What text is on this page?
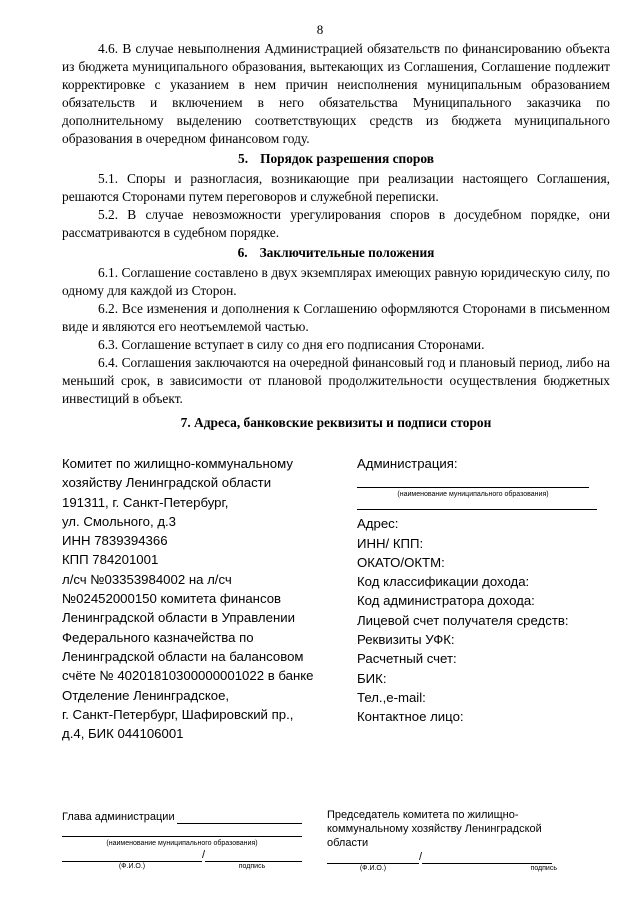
8

4.6. В случае невыполнения Администрацией обязательств по финансированию объекта из бюджета муниципального образования, вытекающих из Соглашения, Соглашение подлежит корректировке с указанием в нем причин неисполнения муниципальным образованием обязательств и включением в него обязательства Муниципального заказчика по дополнительному выделению соответствующих средств из бюджета муниципального образования в очередном финансовом году.

5. Порядок разрешения споров

5.1. Споры и разногласия, возникающие при реализации настоящего Соглашения, решаются Сторонами путем переговоров и служебной переписки.

5.2. В случае невозможности урегулирования споров в досудебном порядке, они рассматриваются в судебном порядке.

6. Заключительные положения

6.1. Соглашение составлено в двух экземплярах имеющих равную юридическую силу, по одному для каждой из Сторон.

6.2. Все изменения и дополнения к Соглашению оформляются Сторонами в письменном виде и являются его неотъемлемой частью.

6.3. Соглашение вступает в силу со дня его подписания Сторонами.

6.4. Соглашения заключаются на очередной финансовый год и плановый период, либо на меньший срок, в зависимости от плановой продолжительности осуществления бюджетных инвестиций в объект.

7. Адреса, банковские реквизиты и подписи сторон
Комитет по жилищно-коммунальному
хозяйству Ленинградской области
191311, г. Санкт-Петербург,
ул. Смольного, д.3
ИНН 7839394366
КПП 784201001
л/сч №03353984002 на л/сч
№02452000150 комитета финансов
Ленинградской области в Управлении
Федерального казначейства по
Ленинградской области на балансовом
счёте № 40201810300000001022 в банке
Отделение Ленинградское,
г. Санкт-Петербург, Шафировский пр.,
д.4, БИК 044106001
Администрация:
(наименование муниципального образования)
Адрес:
ИНН/ КПП:
ОКАТО/ОКТМ:
Код классификации дохода:
Код администратора дохода:
Лицевой счет получателя средств:
Реквизиты УФК:
Расчетный счет:
БИК:
Тел.,e-mail:
Контактное лицо:
Глава администрации
(наименование муниципального образования)
/
(Ф.И.О.)	подпись
Председатель комитета по жилищно-
коммунальному хозяйству Ленинградской
области
/
(Ф.И.О.)	подпись
